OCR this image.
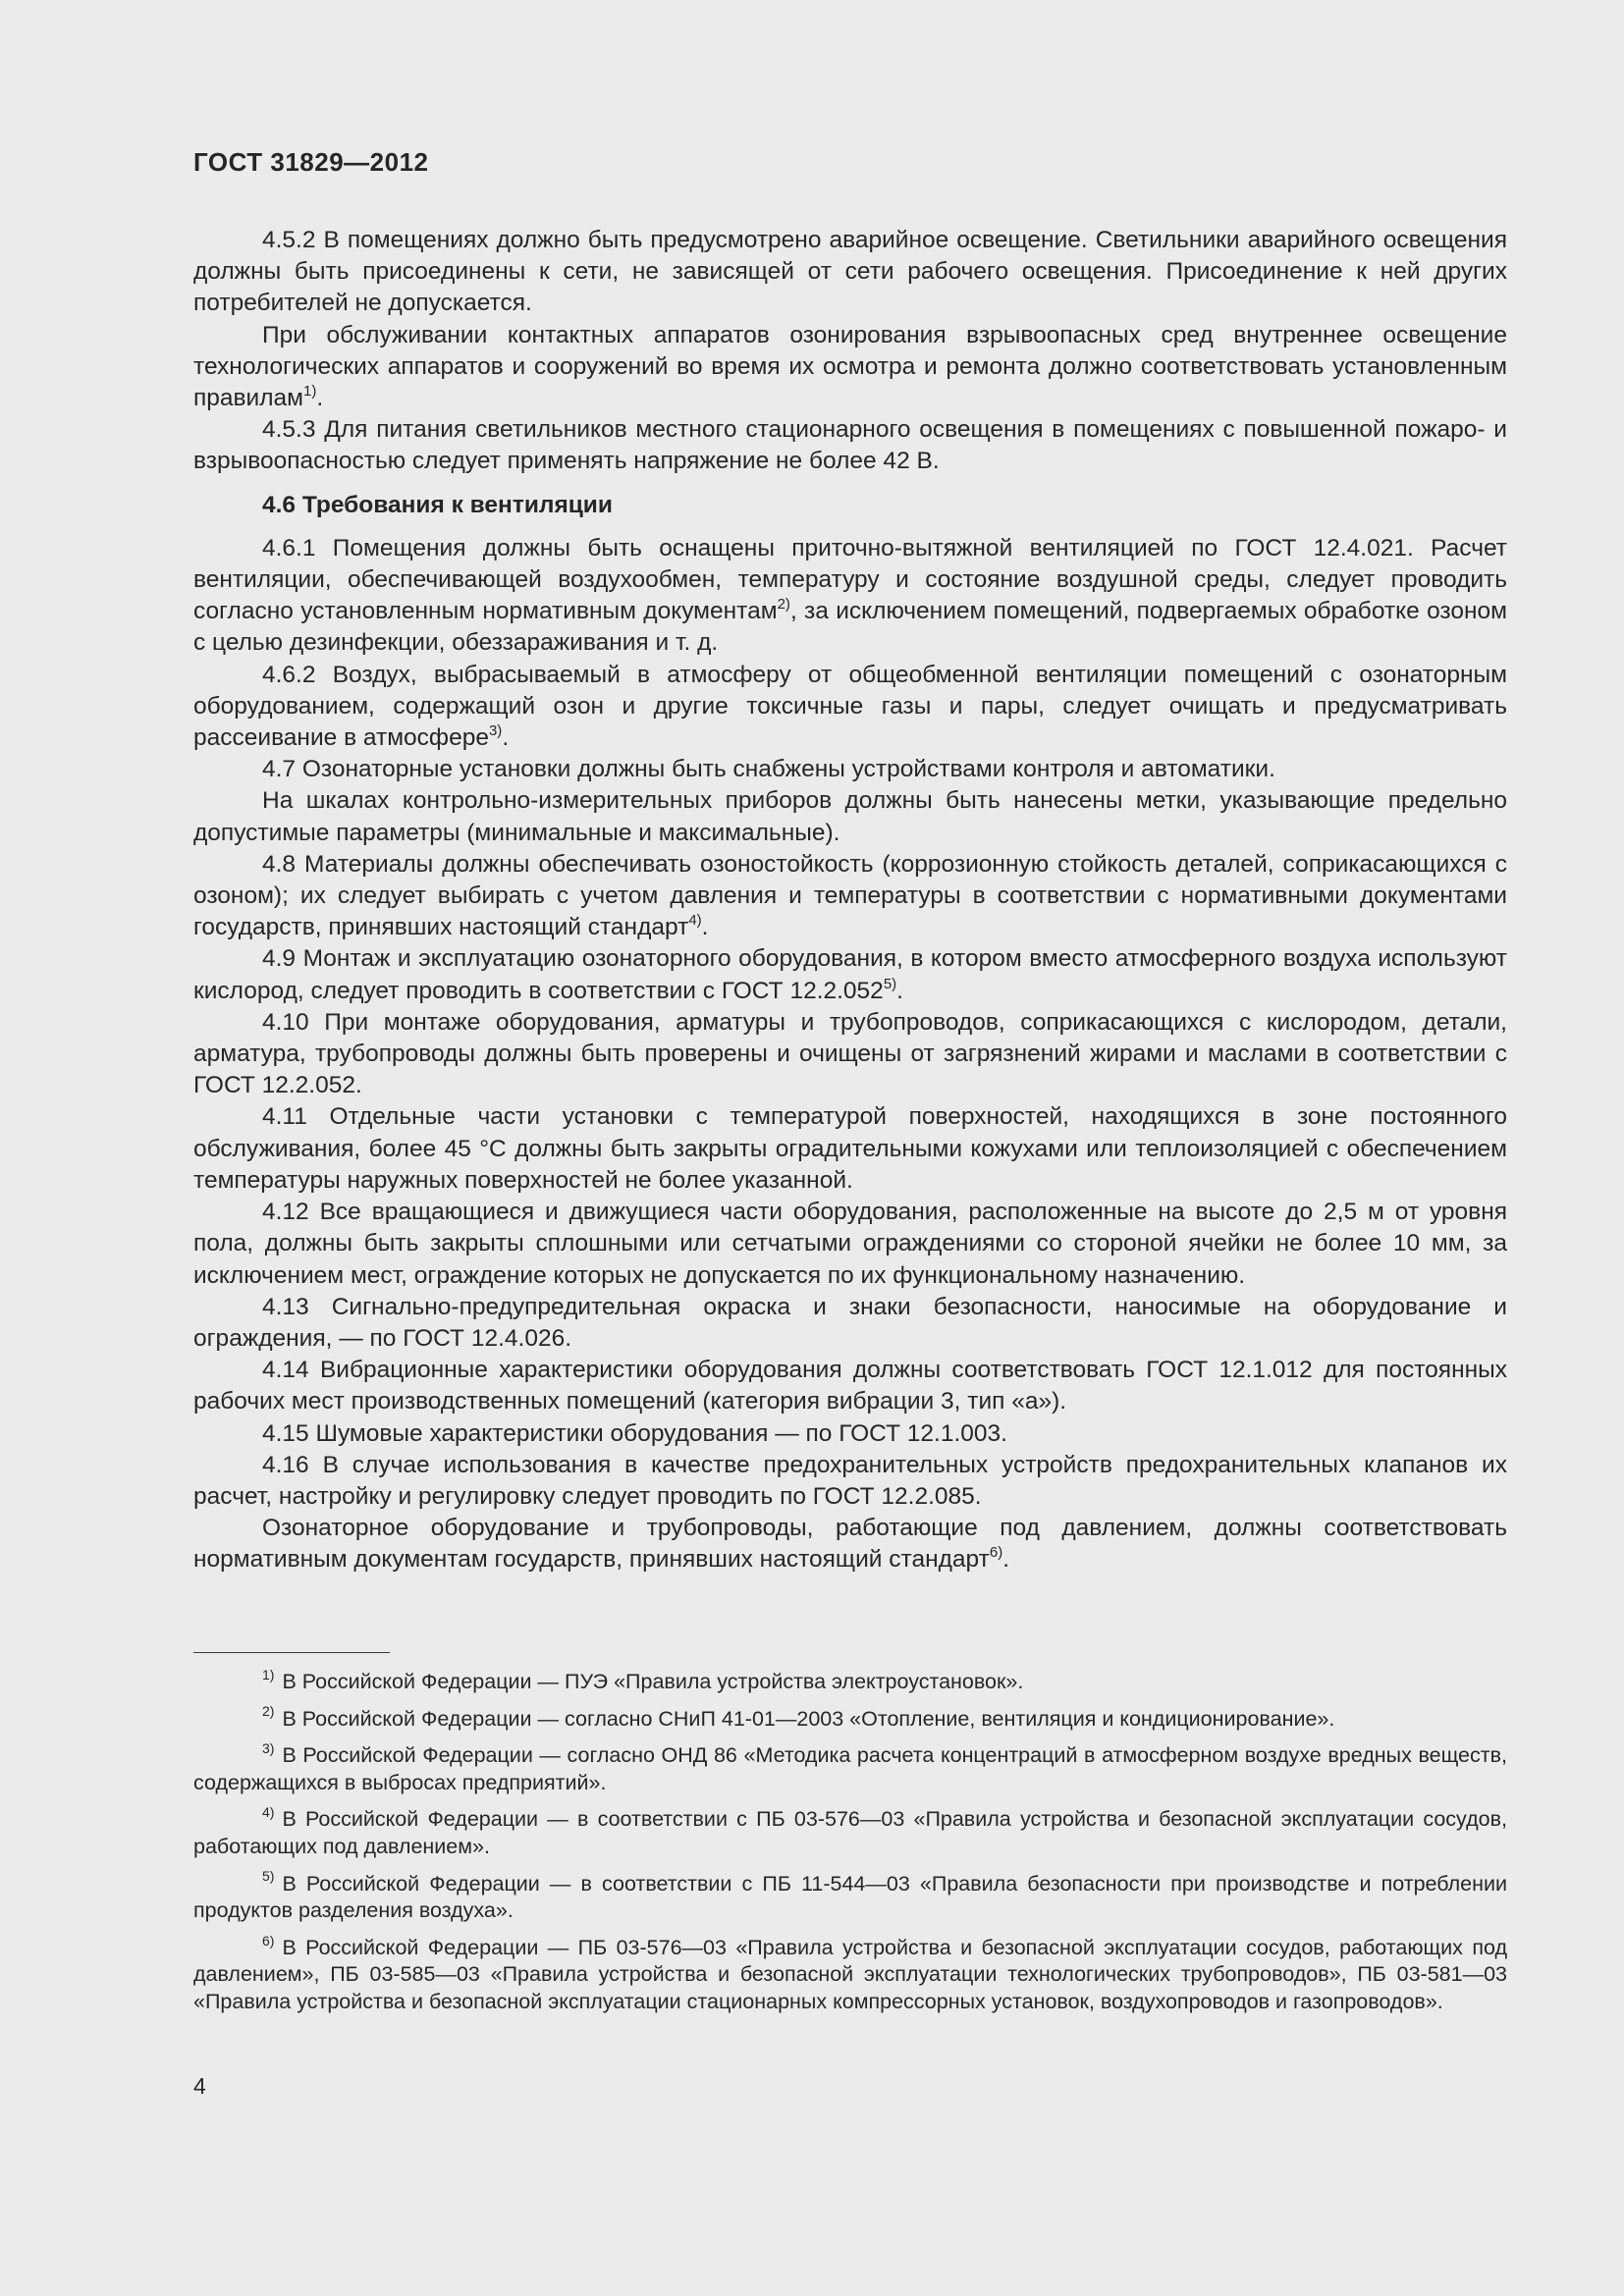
ГОСТ 31829—2012

4.5.2 В помещениях должно быть предусмотрено аварийное освещение. Светильники аварийного освещения должны быть присоединены к сети, не зависящей от сети рабочего освещения. Присоединение к ней других потребителей не допускается.

При обслуживании контактных аппаратов озонирования взрывоопасных сред внутреннее освещение технологических аппаратов и сооружений во время их осмотра и ремонта должно соответствовать установленным правилам$^{1)}$.

4.5.3 Для питания светильников местного стационарного освещения в помещениях с повышенной пожаро- и взрывоопасностью следует применять напряжение не более 42 В.

4.6 Требования к вентиляции

4.6.1 Помещения должны быть оснащены приточно-вытяжной вентиляцией по ГОСТ 12.4.021. Расчет вентиляции, обеспечивающей воздухообмен, температуру и состояние воздушной среды, следует проводить согласно установленным нормативным документам$^{2)}$, за исключением помещений, подвергаемых обработке озоном с целью дезинфекции, обеззараживания и т. д.

4.6.2 Воздух, выбрасываемый в атмосферу от общеобменной вентиляции помещений с озонаторным оборудованием, содержащий озон и другие токсичные газы и пары, следует очищать и предусматривать рассеивание в атмосфере$^{3)}$.

4.7 Озонаторные установки должны быть снабжены устройствами контроля и автоматики.

На шкалах контрольно-измерительных приборов должны быть нанесены метки, указывающие предельно допустимые параметры (минимальные и максимальные).

4.8 Материалы должны обеспечивать озоностойкость (коррозионную стойкость деталей, соприкасающихся с озоном); их следует выбирать с учетом давления и температуры в соответствии с нормативными документами государств, принявших настоящий стандарт$^{4)}$.

4.9 Монтаж и эксплуатацию озонаторного оборудования, в котором вместо атмосферного воздуха используют кислород, следует проводить в соответствии с ГОСТ 12.2.052$^{5)}$.

4.10 При монтаже оборудования, арматуры и трубопроводов, соприкасающихся с кислородом, детали, арматура, трубопроводы должны быть проверены и очищены от загрязнений жирами и маслами в соответствии с ГОСТ 12.2.052.

4.11 Отдельные части установки с температурой поверхностей, находящихся в зоне постоянного обслуживания, более 45 °С должны быть закрыты оградительными кожухами или теплоизоляцией с обеспечением температуры наружных поверхностей не более указанной.

4.12 Все вращающиеся и движущиеся части оборудования, расположенные на высоте до 2,5 м от уровня пола, должны быть закрыты сплошными или сетчатыми ограждениями со стороной ячейки не более 10 мм, за исключением мест, ограждение которых не допускается по их функциональному назначению.

4.13 Сигнально-предупредительная окраска и знаки безопасности, наносимые на оборудование и ограждения, — по ГОСТ 12.4.026.

4.14 Вибрационные характеристики оборудования должны соответствовать ГОСТ 12.1.012 для постоянных рабочих мест производственных помещений (категория вибрации 3, тип «а»).

4.15 Шумовые характеристики оборудования — по ГОСТ 12.1.003.

4.16 В случае использования в качестве предохранительных устройств предохранительных клапанов их расчет, настройку и регулировку следует проводить по ГОСТ 12.2.085.

Озонаторное оборудование и трубопроводы, работающие под давлением, должны соответствовать нормативным документам государств, принявших настоящий стандарт$^{6)}$.

$^{1)}$ В Российской Федерации — ПУЭ «Правила устройства электроустановок».

$^{2)}$ В Российской Федерации — согласно СНиП 41-01—2003 «Отопление, вентиляция и кондиционирование».

$^{3)}$ В Российской Федерации — согласно ОНД 86 «Методика расчета концентраций в атмосферном воздухе вредных веществ, содержащихся в выбросах предприятий».

$^{4)}$ В Российской Федерации — в соответствии с ПБ 03-576—03 «Правила устройства и безопасной эксплуатации сосудов, работающих под давлением».

$^{5)}$ В Российской Федерации — в соответствии с ПБ 11-544—03 «Правила безопасности при производстве и потреблении продуктов разделения воздуха».

$^{6)}$ В Российской Федерации — ПБ 03-576—03 «Правила устройства и безопасной эксплуатации сосудов, работающих под давлением», ПБ 03-585—03 «Правила устройства и безопасной эксплуатации технологических трубопроводов», ПБ 03-581—03 «Правила устройства и безопасной эксплуатации стационарных компрессорных установок, воздухопроводов и газопроводов».

4
